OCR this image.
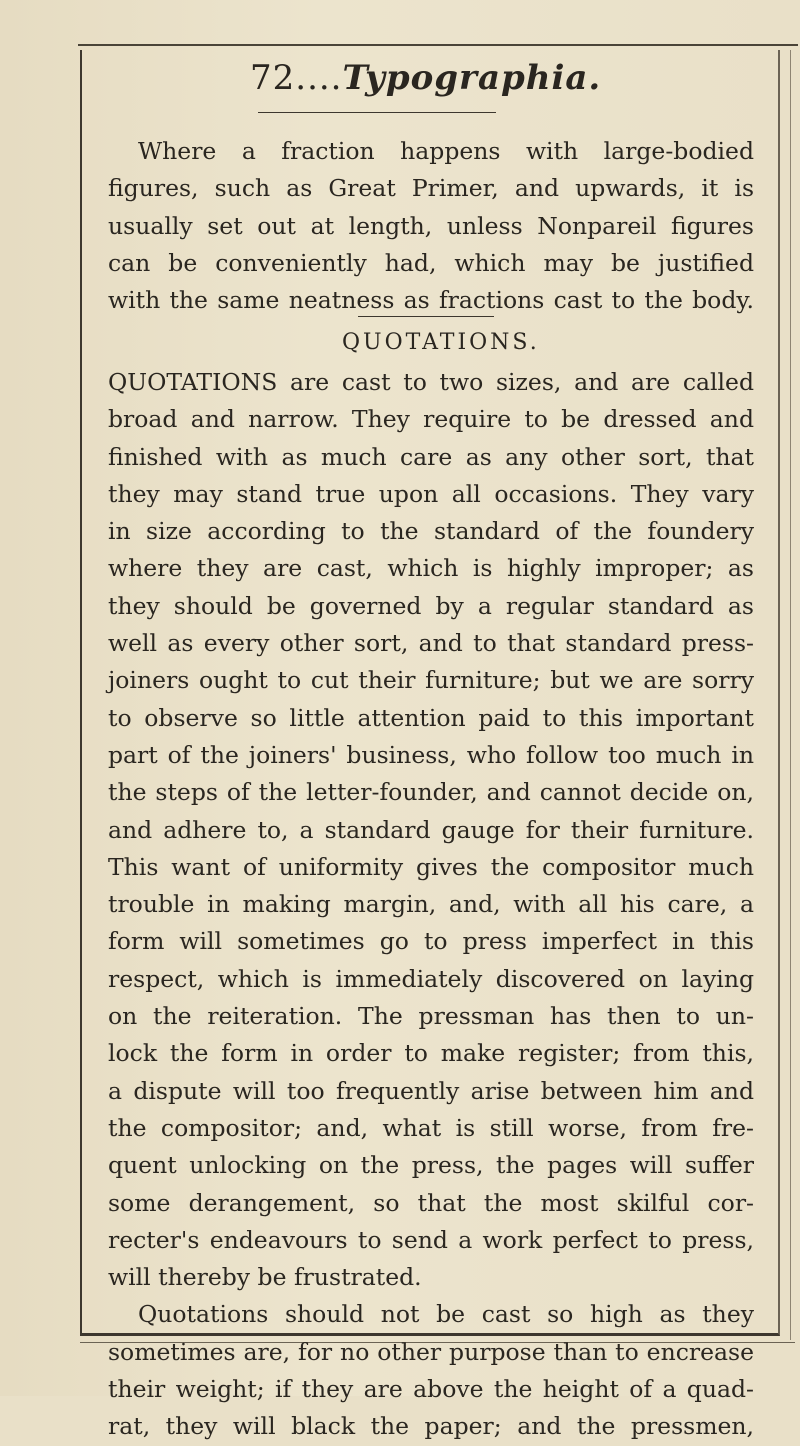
72....Typographia.
Where a fraction happens with large-bodied
figures, such as Great Primer, and upwards, it is
usually set out at length, unless Nonpareil figures
can be conveniently had, which may be justified
with the same neatness as fractions cast to the body.
QUOTATIONS.
QUOTATIONS are cast to two sizes, and are called
broad and narrow. They require to be dressed and
finished with as much care as any other sort, that
they may stand true upon all occasions. They vary
in size according to the standard of the foundery
where they are cast, which is highly improper; as
they should be governed by a regular standard as
well as every other sort, and to that standard press-
joiners ought to cut their furniture; but we are sorry
to observe so little attention paid to this important
part of the joiners' business, who follow too much in
the steps of the letter-founder, and cannot decide on,
and adhere to, a standard gauge for their furniture.
This want of uniformity gives the compositor much
trouble in making margin, and, with all his care, a
form will sometimes go to press imperfect in this
respect, which is immediately discovered on laying
on the reiteration. The pressman has then to un-
lock the form in order to make register; from this,
a dispute will too frequently arise between him and
the compositor; and, what is still worse, from fre-
quent unlocking on the press, the pages will suffer
some derangement, so that the most skilful cor-
recter's endeavours to send a work perfect to press,
will thereby be frustrated.
Quotations should not be cast so high as they
sometimes are, for no other purpose than to encrease
their weight; if they are above the height of a quad-
rat, they will black the paper; and the pressmen,
